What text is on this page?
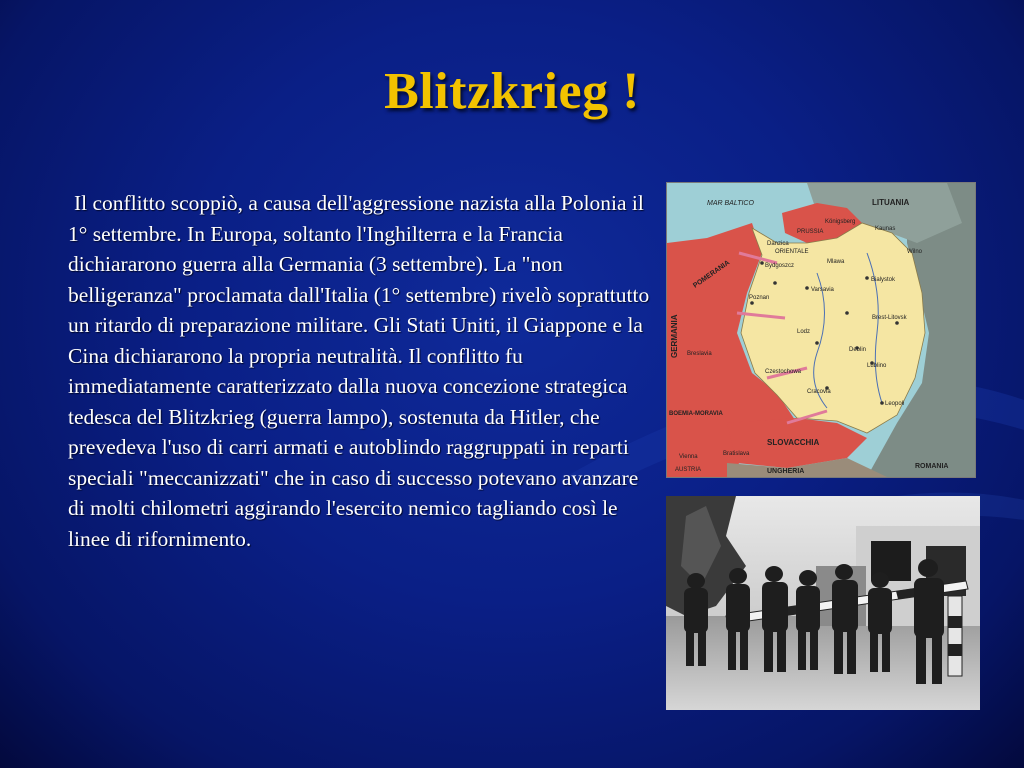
Blitzkrieg !

Il conflitto scoppiò, a causa dell'aggressione nazista alla Polonia il 1° settembre. In Europa, soltanto l'Inghilterra e la Francia dichiararono guerra alla Germania (3 settembre). La "non belligeranza" proclamata dall'Italia (1° settembre) rivelò soprattutto un ritardo di preparazione militare. Gli Stati Uniti, il Giappone e la Cina dichiararono la propria neutralità. Il conflitto fu immediatamente caratterizzato dalla nuova concezione strategica tedesca del Blitzkrieg (guerra lampo), sostenuta da Hitler, che prevedeva l'uso di carri armati e autoblindo raggruppati in reparti speciali "meccanizzati" che in caso di successo potevano avanzare di molti chilometri aggirando l'esercito nemico tagliando così le linee di rifornimento.

MAR BALTICO	LITUANIA
PRUSSIA
ORIENTALE
Danzica
Königsberg
Kaunas
Bydgoszcz
Varsavia
Bialystok
Mlawa
Poznan
Brest-Litovsk
Lodz
Deblin
Lublino
Breslavia
Czestochowa
Cracovia
Leopoli
BOEMIA-MORAVIA
SLOVACCHIA
UNGHERIA
ROMANIA
AUSTRIA
Vienna	Bratislava
Wilno
GERMANIA
POMERANIA
